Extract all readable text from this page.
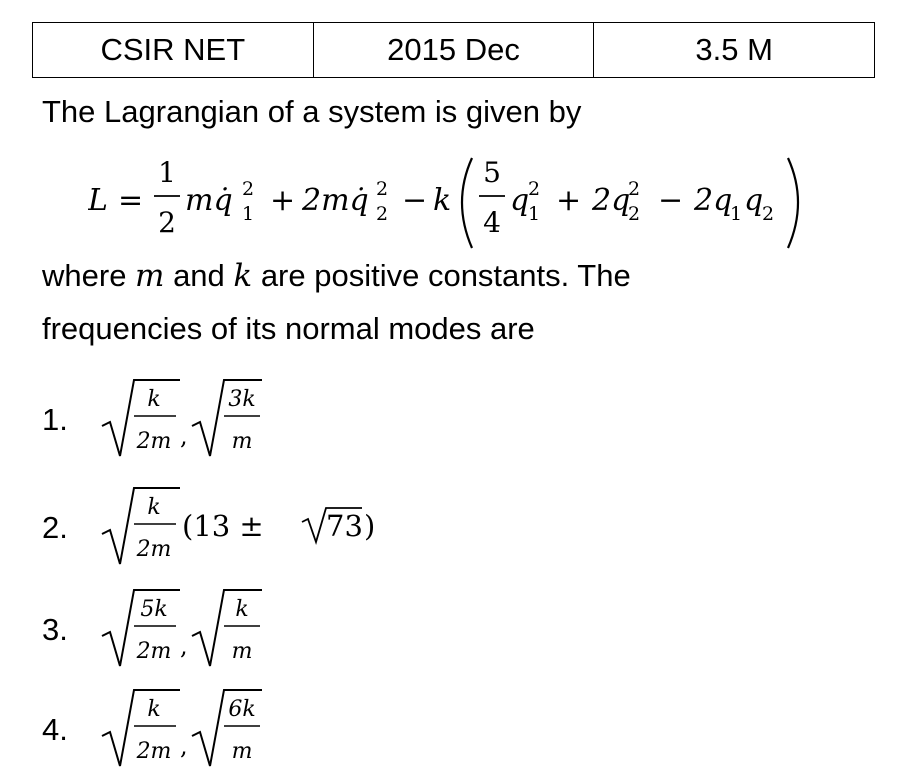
CSIR NET	2015 Dec	3.5 M
The Lagrangian of a system is given by
L =
1
2
mq̇ 2
1 + 2mq̇ 2
2 − k
5
4
q
2
1 + 2q
2
2 − 2q
1 q
2
where m and k are positive constants. The
frequencies of its normal modes are
1.
k
2m ,
3k
m
2.
k
2m
(13 ± 73 )
3.
5k
2m ,
k
m
4.
k
2m ,
6k
m
